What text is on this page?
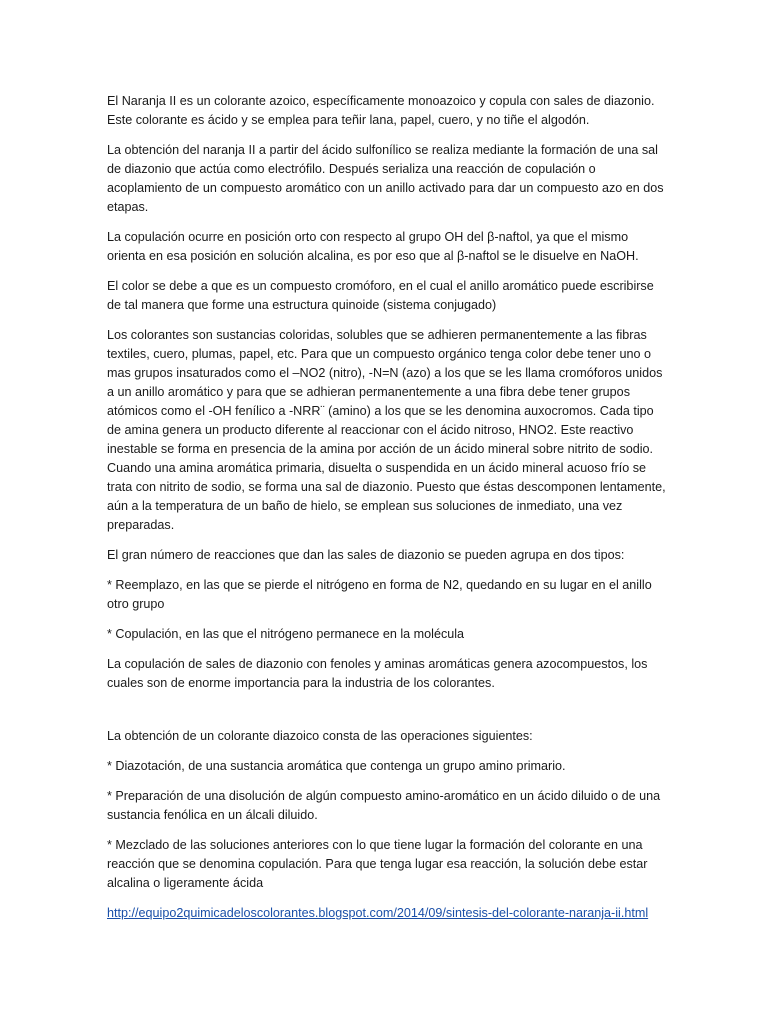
El Naranja II es un colorante azoico, específicamente monoazoico y copula con sales de diazonio. Este colorante es ácido y se emplea para teñir lana, papel, cuero, y no tiñe el algodón.

La obtención del naranja II a partir del ácido sulfonílico se realiza mediante la formación de una sal de diazonio que actúa como electrófilo. Después serializa una reacción de copulación o acoplamiento de un compuesto aromático con un anillo activado para dar un compuesto azo en dos etapas.

La copulación ocurre en posición orto con respecto al grupo OH del β-naftol, ya que el mismo orienta en esa posición en solución alcalina, es por eso que al β-naftol se le disuelve en NaOH.

El color se debe a que es un compuesto cromóforo, en el cual el anillo aromático puede escribirse de tal manera que forme una estructura quinoide (sistema conjugado)

Los colorantes son sustancias coloridas, solubles que se adhieren permanentemente a las fibras textiles, cuero, plumas, papel, etc. Para que un compuesto orgánico tenga color debe tener uno o mas grupos insaturados como el –NO2 (nitro), -N=N (azo) a los que se les llama cromóforos unidos a un anillo aromático y para que se adhieran permanentemente a una fibra debe tener grupos atómicos como el -OH fenílico a -NRR¨ (amino) a los que se les denomina auxocromos. Cada tipo de amina genera un producto diferente al reaccionar con el ácido nitroso, HNO2. Este reactivo inestable se forma en presencia de la amina por acción de un ácido mineral sobre nitrito de sodio. Cuando una amina aromática primaria, disuelta o suspendida en un ácido mineral acuoso frío se trata con nitrito de sodio, se forma una sal de diazonio. Puesto que éstas descomponen lentamente, aún a la temperatura de un baño de hielo, se emplean sus soluciones de inmediato, una vez preparadas.

El gran número de reacciones que dan las sales de diazonio se pueden agrupa en dos tipos:

* Reemplazo, en las que se pierde el nitrógeno en forma de N2, quedando en su lugar en el anillo otro grupo

* Copulación, en las que el nitrógeno permanece en la molécula

La copulación de sales de diazonio con fenoles y aminas aromáticas genera azocompuestos, los cuales son de enorme importancia para la industria de los colorantes.

La obtención de un colorante diazoico consta de las operaciones siguientes:

* Diazotación, de una sustancia aromática que contenga un grupo amino primario.

* Preparación de una disolución de algún compuesto amino-aromático en un ácido diluido o de una sustancia fenólica en un álcali diluido.

* Mezclado de las soluciones anteriores con lo que tiene lugar la formación del colorante en una reacción que se denomina copulación. Para que tenga lugar esa reacción, la solución debe estar alcalina o ligeramente ácida

http://equipo2quimicadeloscolorantes.blogspot.com/2014/09/sintesis-del-colorante-naranja-ii.html
